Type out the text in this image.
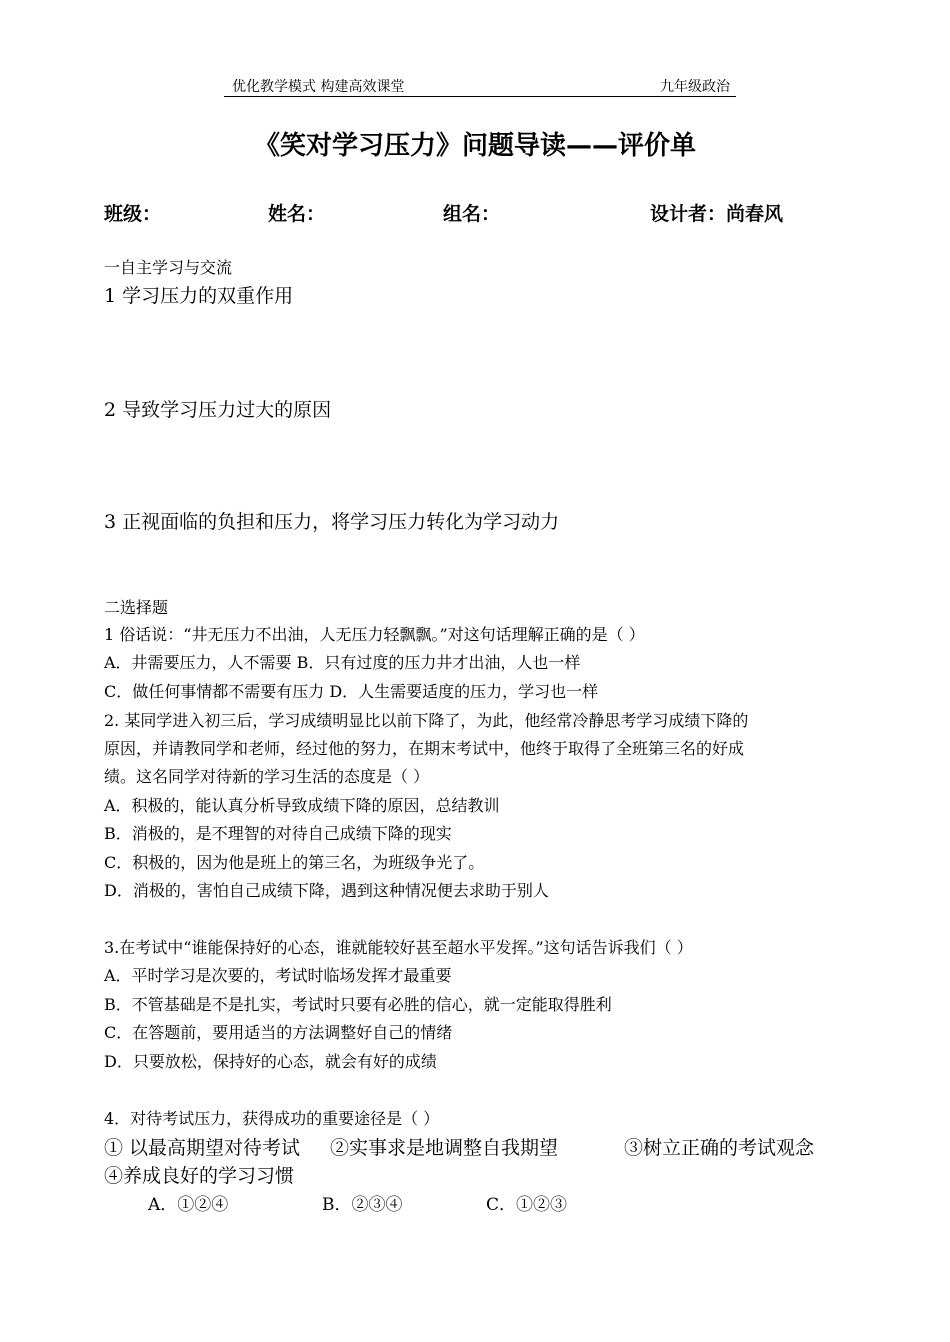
优化教学模式 构建高效课堂	九年级政治
《笑对学习压力》问题导读——评价单
班级：	姓名：	组名：	设计者：尚春风
一自主学习与交流
1 学习压力的双重作用
2 导致学习压力过大的原因
3 正视面临的负担和压力，将学习压力转化为学习动力
二选择题
1 俗话说：“井无压力不出油，人无压力轻飘飘。”对这句话理解正确的是（ ）
A．井需要压力，人不需要 B．只有过度的压力井才出油，人也一样
C．做任何事情都不需要有压力 D．人生需要适度的压力，学习也一样
2. 某同学进入初三后，学习成绩明显比以前下降了，为此，他经常冷静思考学习成绩下降的
原因，并请教同学和老师，经过他的努力，在期末考试中，他终于取得了全班第三名的好成
绩。这名同学对待新的学习生活的态度是（ ）
A．积极的，能认真分析导致成绩下降的原因，总结教训
B．消极的，是不理智的对待自己成绩下降的现实
C．积极的，因为他是班上的第三名，为班级争光了。
D．消极的，害怕自己成绩下降，遇到这种情况便去求助于别人
3.在考试中“谁能保持好的心态，谁就能较好甚至超水平发挥。”这句话告诉我们（ ）
A．平时学习是次要的，考试时临场发挥才最重要
B．不管基础是不是扎实，考试时只要有必胜的信心，就一定能取得胜利
C．在答题前，要用适当的方法调整好自己的情绪
D．只要放松，保持好的心态，就会有好的成绩
4．对待考试压力，获得成功的重要途径是（ ）
① 以最高期望对待考试 ②实事求是地调整自我期望	③树立正确的考试观念
④养成良好的学习习惯
A．①②④	B．②③④	C．①②③
